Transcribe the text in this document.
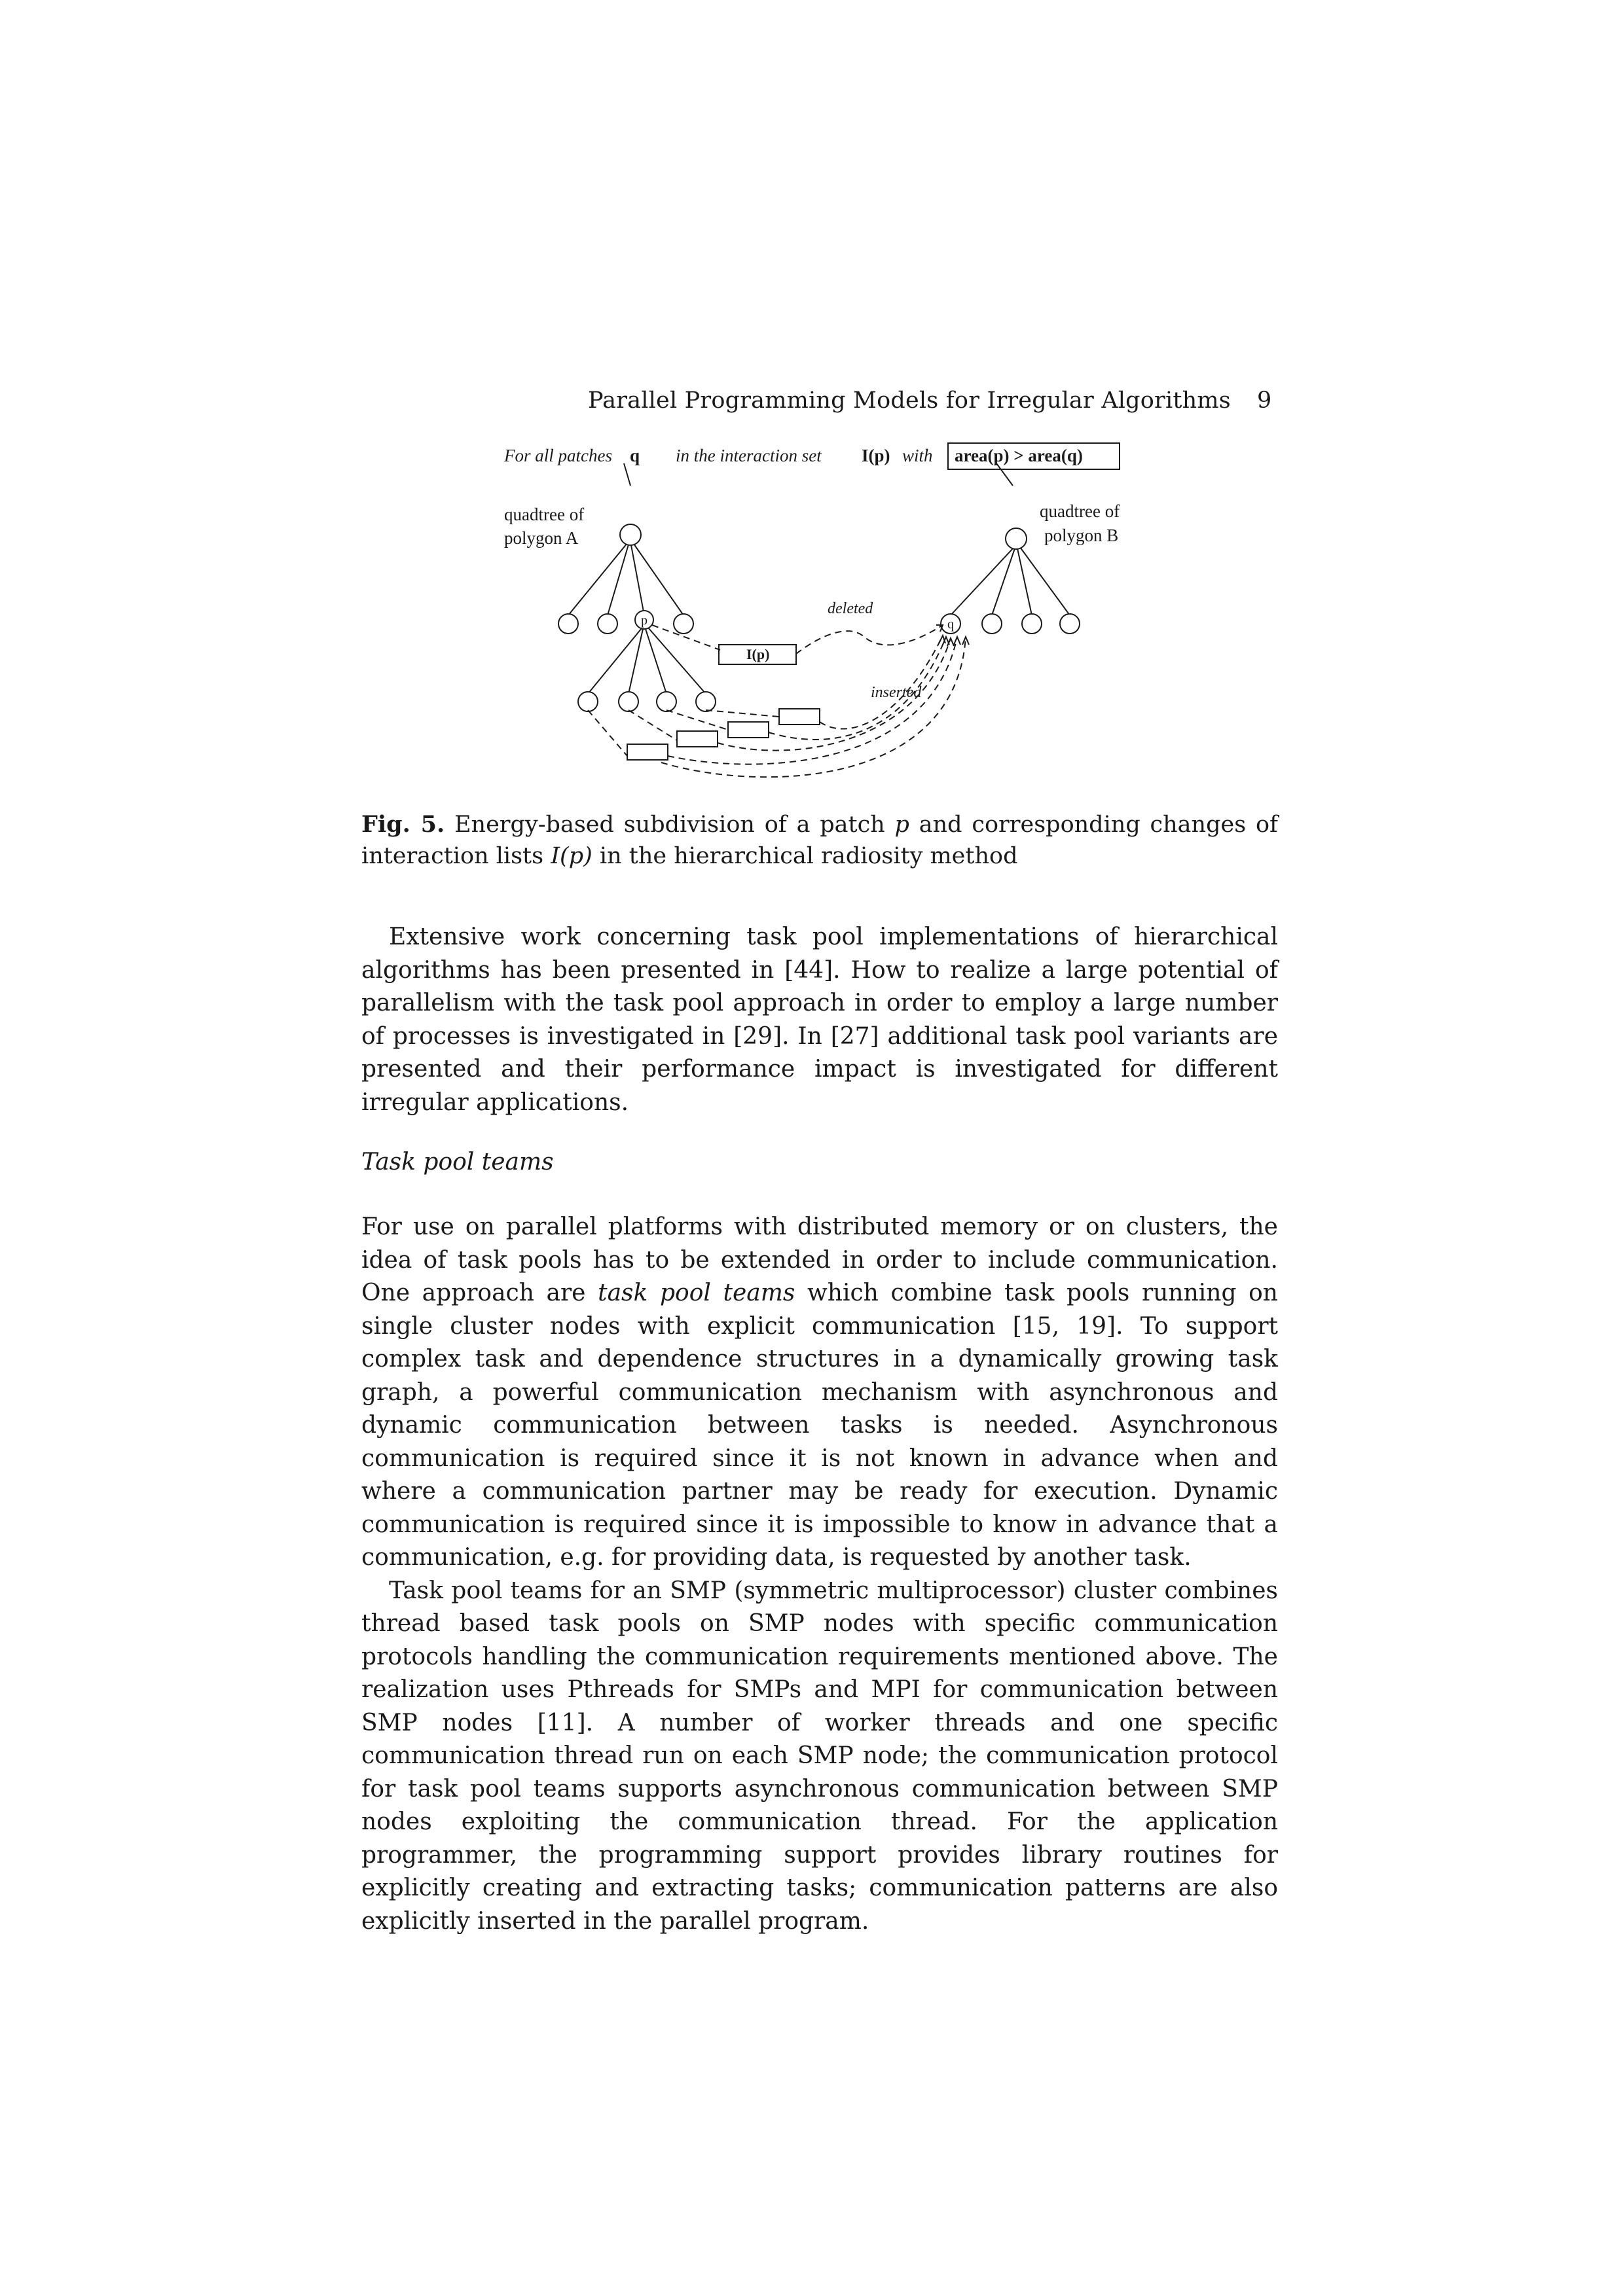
Parallel Programming Models for Irregular Algorithms 9
For all patches q in the interaction set I(p) with area(p) > area(q)
quadtree of
polygon A
quadtree of
polygon B
p	q
I(p)
deleted
inserted
Fig. 5. Energy-based subdivision of a patch p and corresponding changes of interaction lists I(p) in the hierarchical radiosity method

Extensive work concerning task pool implementations of hierarchical algorithms has been presented in [44]. How to realize a large potential of parallelism with the task pool approach in order to employ a large number of processes is investigated in [29]. In [27] additional task pool variants are presented and their performance impact is investigated for different irregular applications.

Task pool teams

For use on parallel platforms with distributed memory or on clusters, the idea of task pools has to be extended in order to include communication. One approach are task pool teams which combine task pools running on single cluster nodes with explicit communication [15, 19]. To support complex task and dependence structures in a dynamically growing task graph, a powerful communication mechanism with asynchronous and dynamic communication between tasks is needed. Asynchronous communication is required since it is not known in advance when and where a communication partner may be ready for execution. Dynamic communication is required since it is impossible to know in advance that a communication, e.g. for providing data, is requested by another task.

Task pool teams for an SMP (symmetric multiprocessor) cluster combines thread based task pools on SMP nodes with specific communication protocols handling the communication requirements mentioned above. The realization uses Pthreads for SMPs and MPI for communication between SMP nodes [11]. A number of worker threads and one specific communication thread run on each SMP node; the communication protocol for task pool teams supports asynchronous communication between SMP nodes exploiting the communication thread. For the application programmer, the programming support provides library routines for explicitly creating and extracting tasks; communication patterns are also explicitly inserted in the parallel program.
